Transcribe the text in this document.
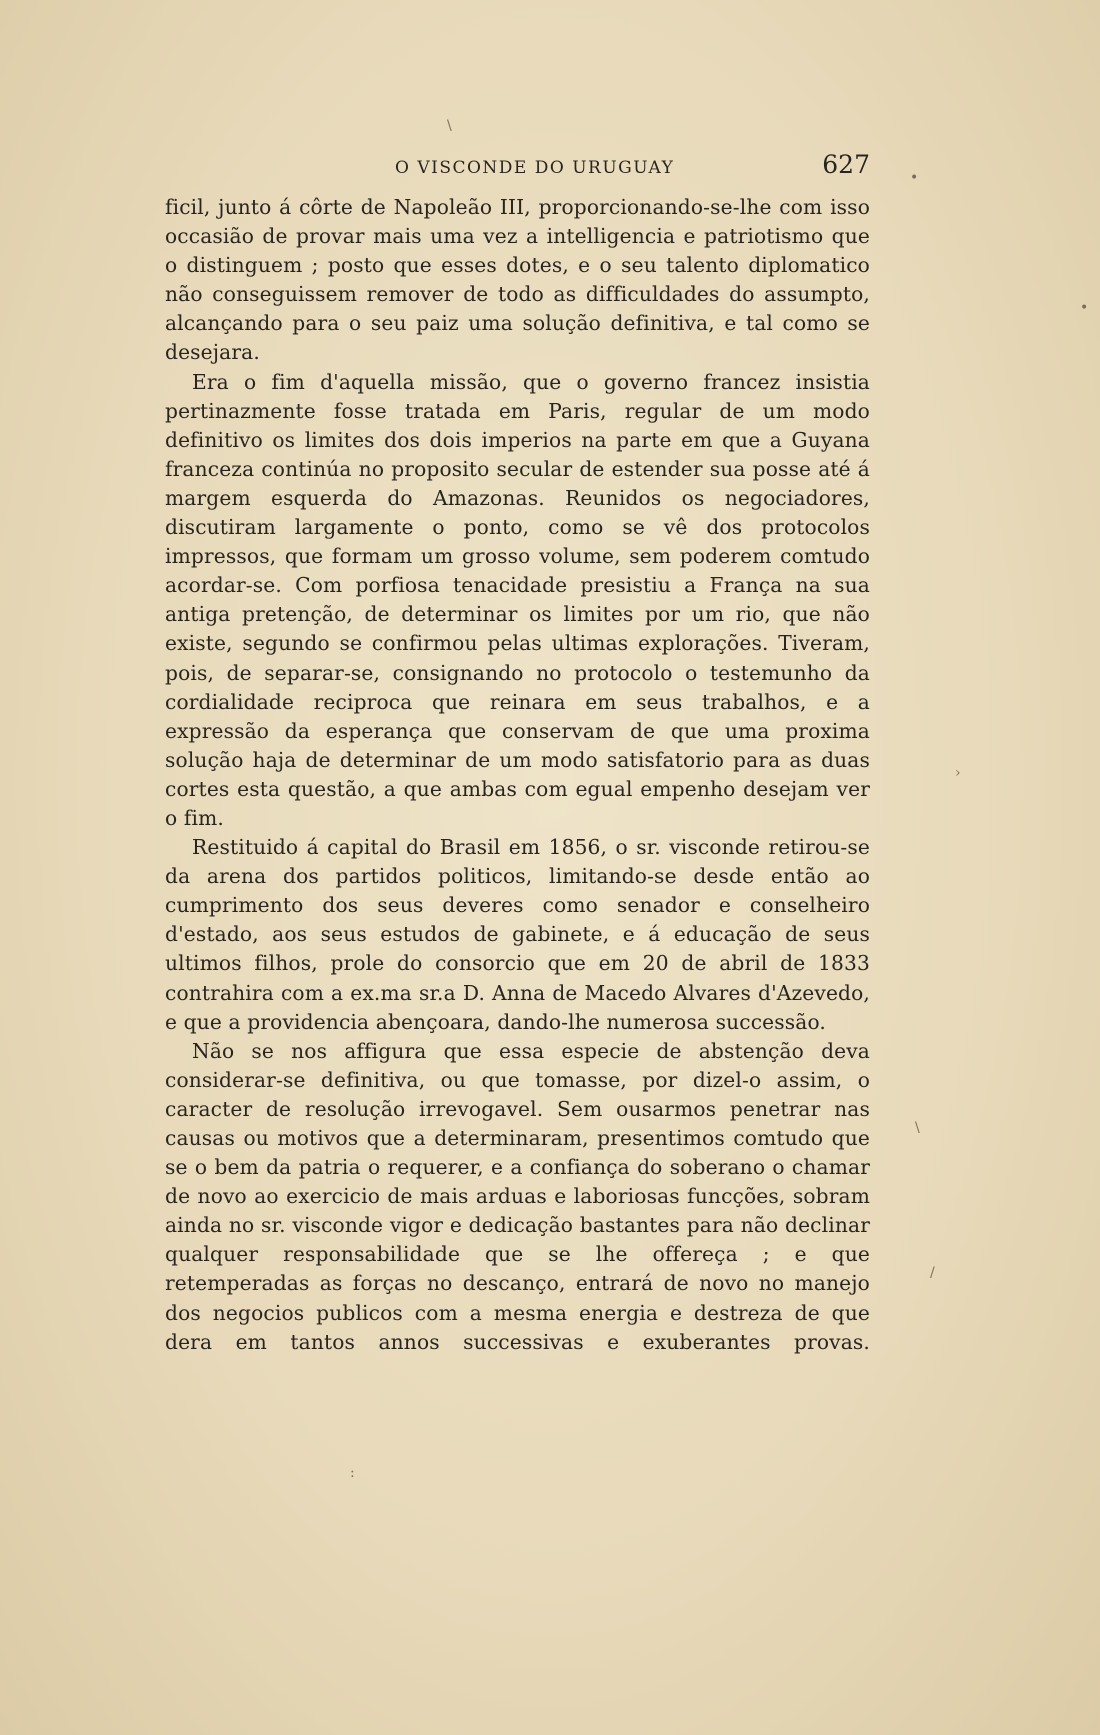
O VISCONDE DO URUGUAY	627

ficil, junto á côrte de Napoleão III, proporcionando-se-lhe com isso occasião de provar mais uma vez a intelligencia e patriotismo que o distinguem ; posto que esses dotes, e o seu talento diplomatico não conseguissem remover de todo as difficuldades do assumpto, alcançando para o seu paiz uma solução definitiva, e tal como se desejara.

Era o fim d'aquella missão, que o governo francez insistia pertinazmente fosse tratada em Paris, regular de um modo definitivo os limites dos dois imperios na parte em que a Guyana franceza continúa no proposito secular de estender sua posse até á margem esquerda do Amazonas. Reunidos os negociadores, discutiram largamente o ponto, como se vê dos protocolos impressos, que formam um grosso volume, sem poderem comtudo acordar-se. Com porfiosa tenacidade presistiu a França na sua antiga pretenção, de determinar os limites por um rio, que não existe, segundo se confirmou pelas ultimas explorações. Tiveram, pois, de separar-se, consignando no protocolo o testemunho da cordialidade reciproca que reinara em seus trabalhos, e a expressão da esperança que conservam de que uma proxima solução haja de determinar de um modo satisfatorio para as duas cortes esta questão, a que ambas com egual empenho desejam ver o fim.

Restituido á capital do Brasil em 1856, o sr. visconde retirou-se da arena dos partidos politicos, limitando-se desde então ao cumprimento dos seus deveres como senador e conselheiro d'estado, aos seus estudos de gabinete, e á educação de seus ultimos filhos, prole do consorcio que em 20 de abril de 1833 contrahira com a ex.ma sr.a D. Anna de Macedo Alvares d'Azevedo, e que a providencia abençoara, dando-lhe numerosa successão.

Não se nos affigura que essa especie de abstenção deva considerar-se definitiva, ou que tomasse, por dizel-o assim, o caracter de resolução irrevogavel. Sem ousarmos penetrar nas causas ou motivos que a determinaram, presentimos comtudo que se o bem da patria o requerer, e a confiança do soberano o chamar de novo ao exercicio de mais arduas e laboriosas funcções, sobram ainda no sr. visconde vigor e dedicação bastantes para não declinar qualquer responsabilidade que se lhe offereça ; e que retemperadas as forças no descanço, entrará de novo no manejo dos negocios publicos com a mesma energia e destreza de que dera em tantos annos successivas e exuberantes provas.

\
•
•
›
\
/
:
